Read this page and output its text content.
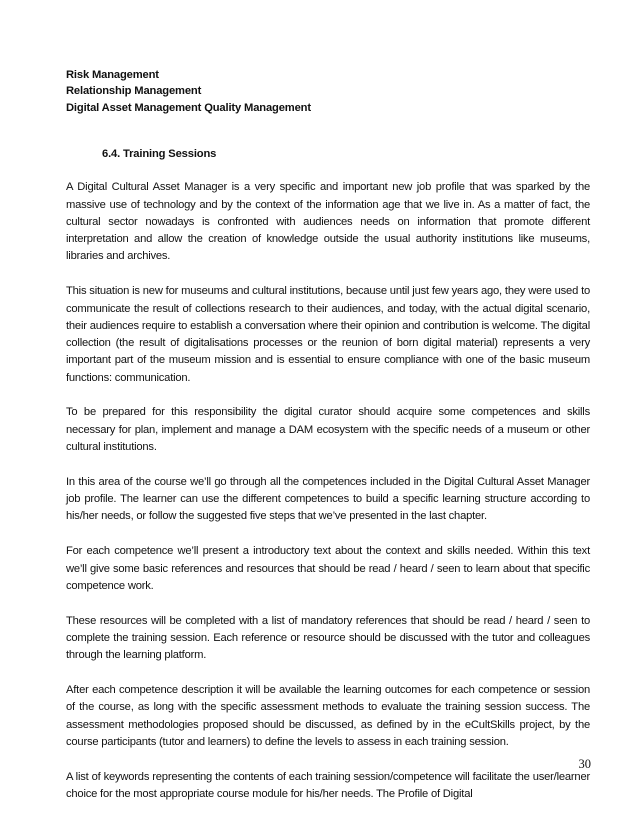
Risk Management
Relationship Management
Digital Asset Management Quality Management
6.4. Training Sessions

A Digital Cultural Asset Manager is a very specific and important new job profile that was sparked by the massive use of technology and by the context of the information age that we live in. As a matter of fact, the cultural sector nowadays is confronted with audiences needs on information that promote different interpretation and allow the creation of knowledge outside the usual authority institutions like museums, libraries and archives.

This situation is new for museums and cultural institutions, because until just few years ago, they were used to communicate the result of collections research to their audiences, and today, with the actual digital scenario, their audiences require to establish a conversation where their opinion and contribution is welcome. The digital collection (the result of digitalisations processes or the reunion of born digital material) represents a very important part of the museum mission and is essential to ensure compliance with one of the basic museum functions: communication.

To be prepared for this responsibility the digital curator should acquire some competences and skills necessary for plan, implement and manage a DAM ecosystem with the specific needs of a museum or other cultural institutions.

In this area of the course we’ll go through all the competences included in the Digital Cultural Asset Manager job profile. The learner can use the different competences to build a specific learning structure according to his/her needs, or follow the suggested five steps that we’ve presented in the last chapter.

For each competence we’ll present a introductory text about the context and skills needed. Within this text we’ll give some basic references and resources that should be read / heard / seen to learn about that specific competence work.

These resources will be completed with a list of mandatory references that should be read / heard / seen to complete the training session. Each reference or resource should be discussed with the tutor and colleagues through the learning platform.

After each competence description it will be available the learning outcomes for each competence or session of the course, as long with the specific assessment methods to evaluate the training session success. The assessment methodologies proposed should be discussed, as defined by in the eCultSkills project, by the course participants (tutor and learners) to define the levels to assess in each training session.

A list of keywords representing the contents of each training session/competence will facilitate the user/learner choice for the most appropriate course module for his/her needs. The Profile of Digital

30
